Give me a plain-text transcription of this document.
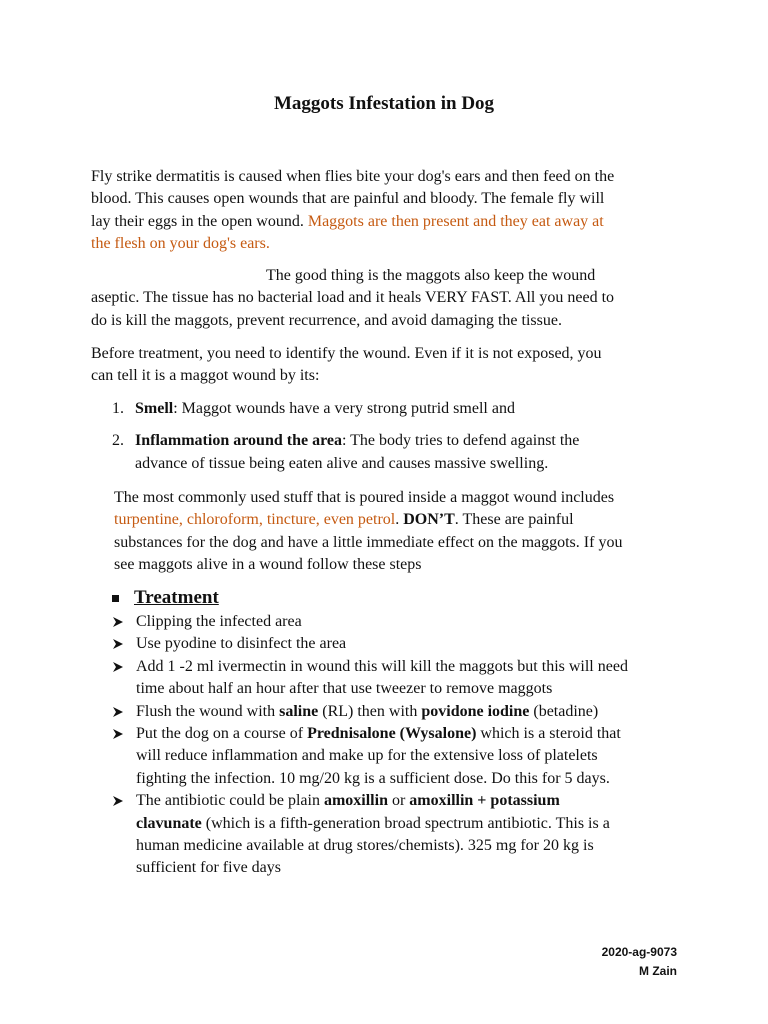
Maggots Infestation in Dog
Fly strike dermatitis is caused when flies bite your dog's ears and then feed on the
blood. This causes open wounds that are painful and bloody. The female fly will
lay their eggs in the open wound. Maggots are then present and they eat away at
the flesh on your dog's ears.
The good thing is the maggots also keep the wound
aseptic. The tissue has no bacterial load and it heals VERY FAST. All you need to
do is kill the maggots, prevent recurrence, and avoid damaging the tissue.
Before treatment, you need to identify the wound. Even if it is not exposed, you
can tell it is a maggot wound by its:
1. Smell: Maggot wounds have a very strong putrid smell and
2. Inflammation around the area: The body tries to defend against the
advance of tissue being eaten alive and causes massive swelling.
The most commonly used stuff that is poured inside a maggot wound includes
turpentine, chloroform, tincture, even petrol. DON’T. These are painful
substances for the dog and have a little immediate effect on the maggots. If you
see maggots alive in a wound follow these steps
Treatment
Clipping the infected area
Use pyodine to disinfect the area
Add 1 -2 ml ivermectin in wound this will kill the maggots but this will need
time about half an hour after that use tweezer to remove maggots
Flush the wound with saline (RL) then with povidone iodine (betadine)
Put the dog on a course of Prednisalone (Wysalone) which is a steroid that
will reduce inflammation and make up for the extensive loss of platelets
fighting the infection. 10 mg/20 kg is a sufficient dose. Do this for 5 days.
The antibiotic could be plain amoxillin or amoxillin + potassium
clavunate (which is a fifth-generation broad spectrum antibiotic. This is a
human medicine available at drug stores/chemists). 325 mg for 20 kg is
sufficient for five days
2020-ag-9073
M Zain
